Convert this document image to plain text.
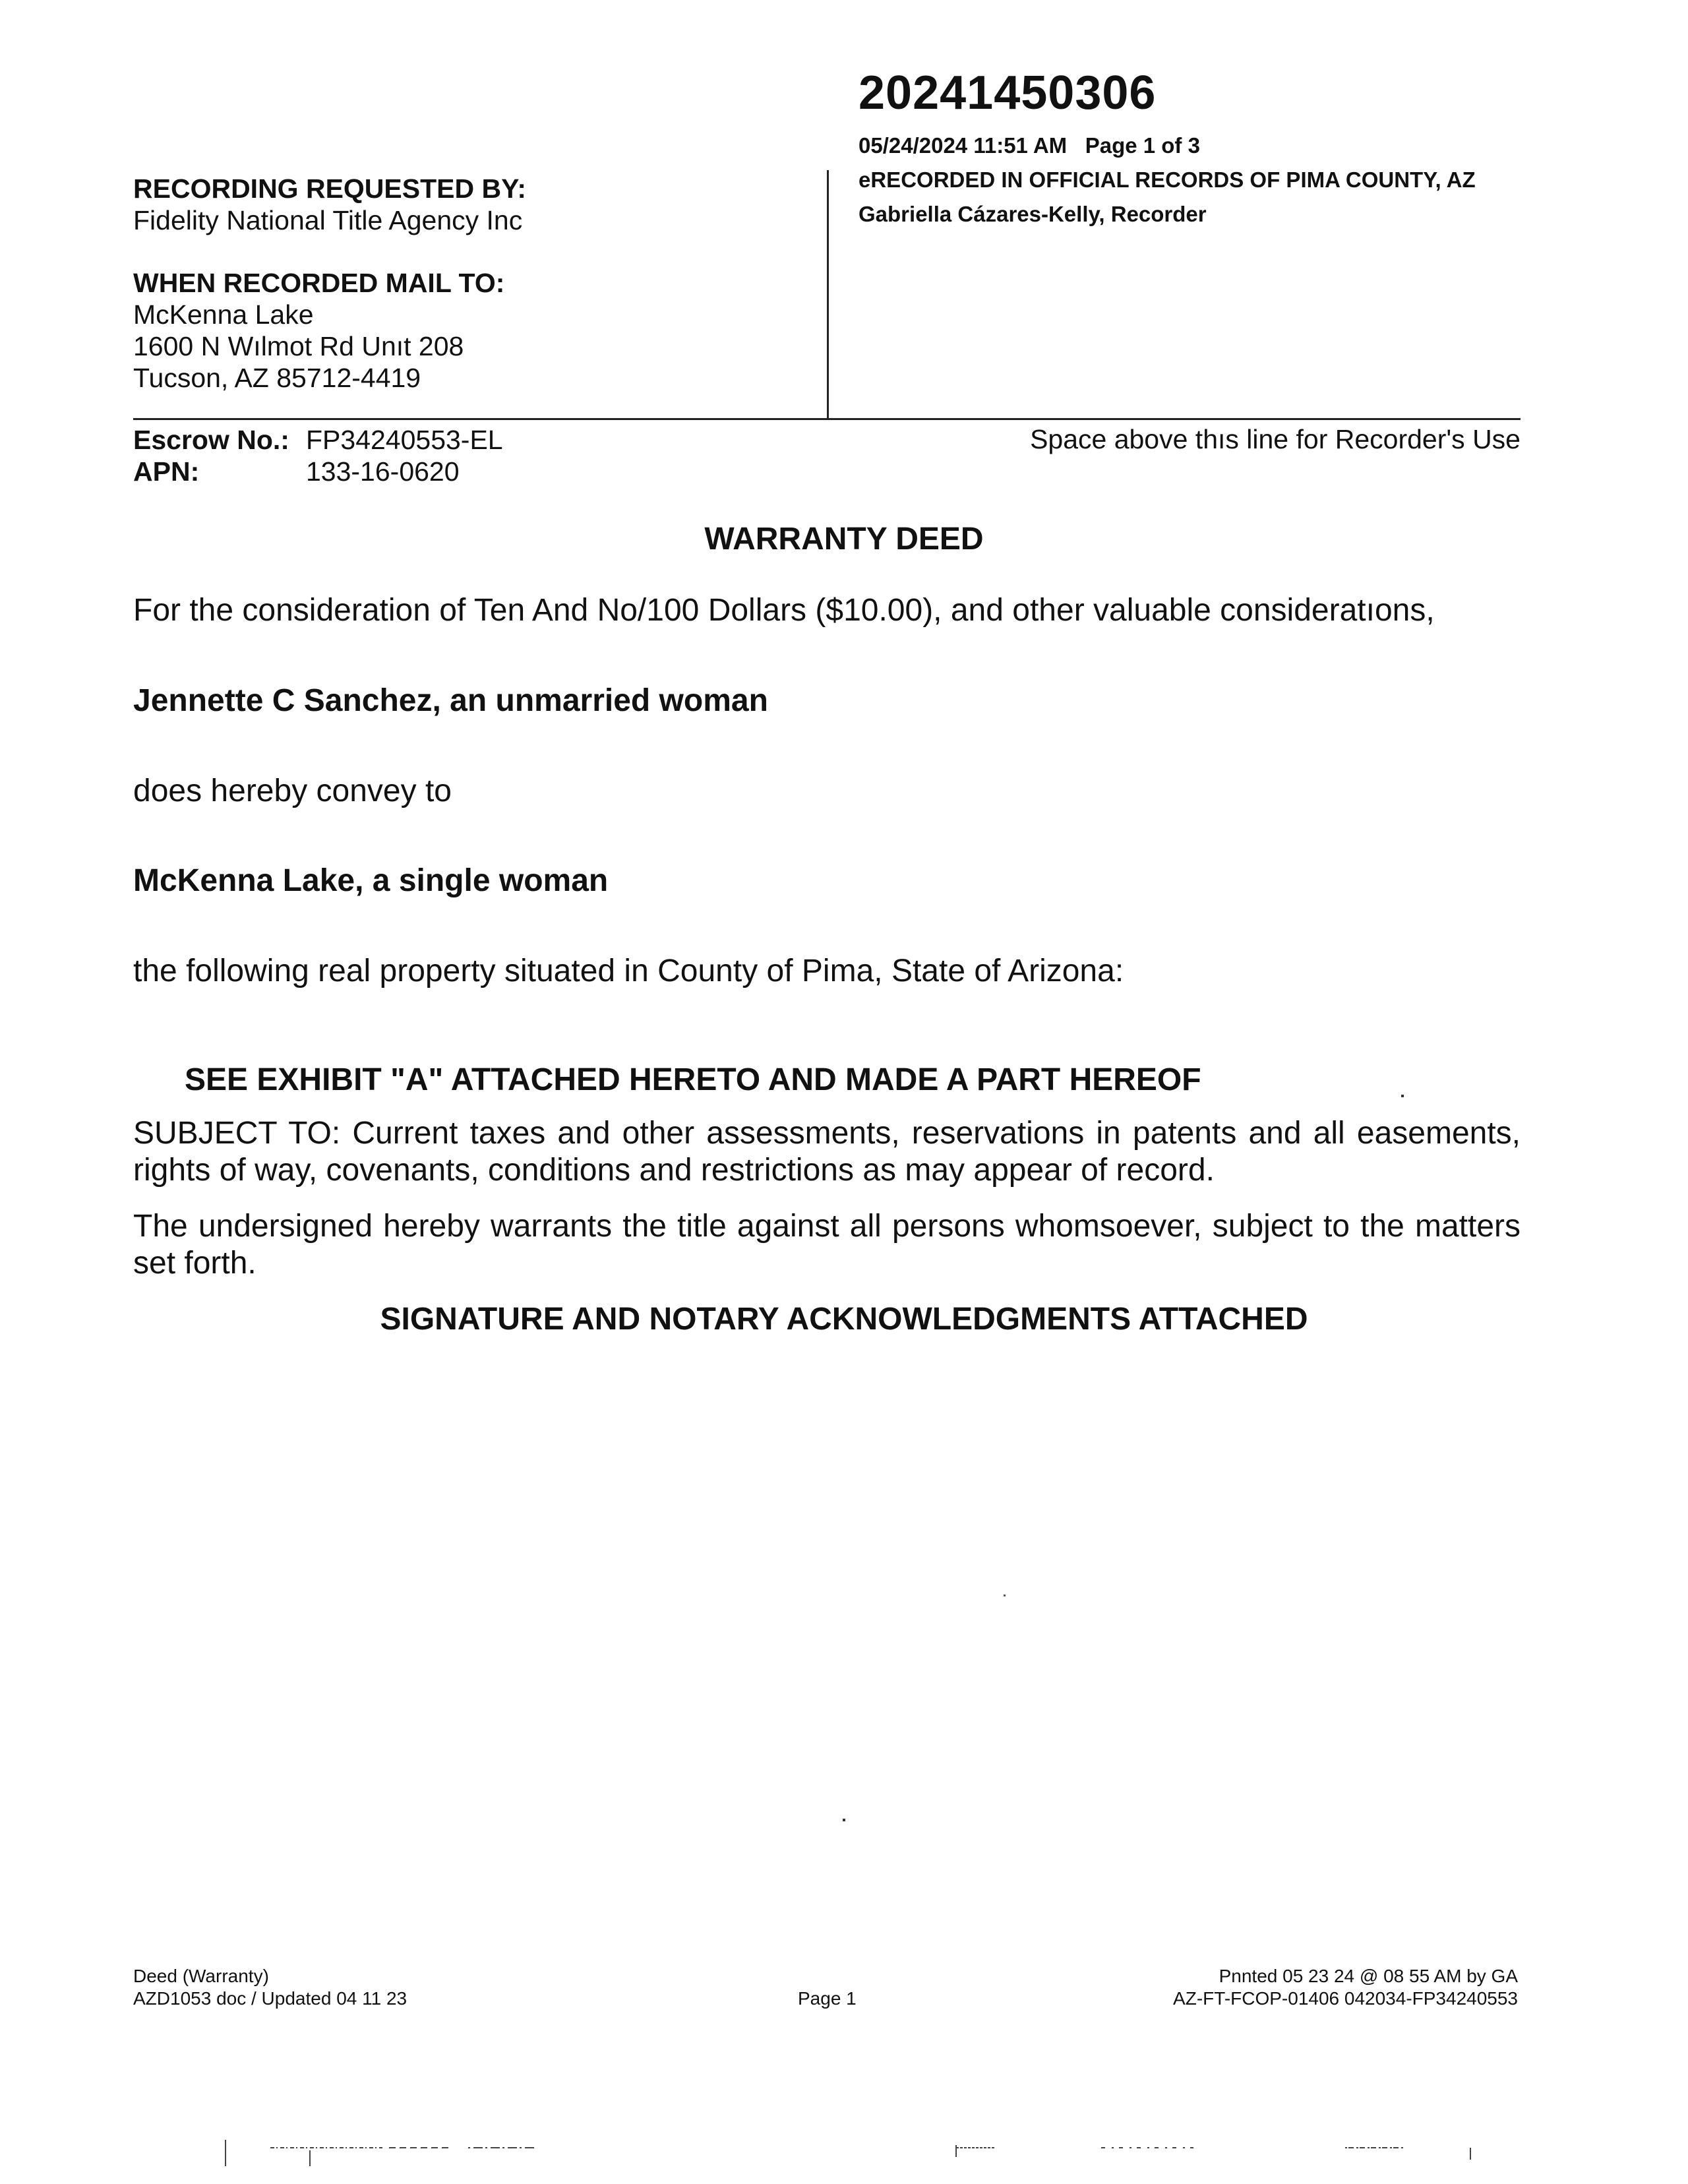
20241450306
05/24/2024 11:51 AM Page 1 of 3
eRECORDED IN OFFICIAL RECORDS OF PIMA COUNTY, AZ
Gabriella Cázares-Kelly, Recorder
RECORDING REQUESTED BY:
Fidelity National Title Agency Inc
WHEN RECORDED MAIL TO:
McKenna Lake
1600 N Wılmot Rd Unıt 208
Tucson, AZ 85712-4419
Escrow No.: FP34240553-EL
APN:	133-16-0620
Space above thıs line for Recorder's Use
WARRANTY DEED
For the consideration of Ten And No/100 Dollars ($10.00), and other valuable consideratıons,
Jennette C Sanchez, an unmarried woman
does hereby convey to
McKenna Lake, a single woman
the following real property situated in County of Pima, State of Arizona:
SEE EXHIBIT "A" ATTACHED HERETO AND MADE A PART HEREOF
SUBJECT TO: Current taxes and other assessments, reservations in patents and all easements, rights of way, covenants, conditions and restrictions as may appear of record.
The undersigned hereby warrants the title against all persons whomsoever, subject to the matters set forth.
SIGNATURE AND NOTARY ACKNOWLEDGMENTS ATTACHED
Deed (Warranty)
AZD1053 doc / Updated 04 11 23	Page 1
Pnnted 05 23 24 @ 08 55 AM by GA
AZ-FT-FCOP-01406 042034-FP34240553
